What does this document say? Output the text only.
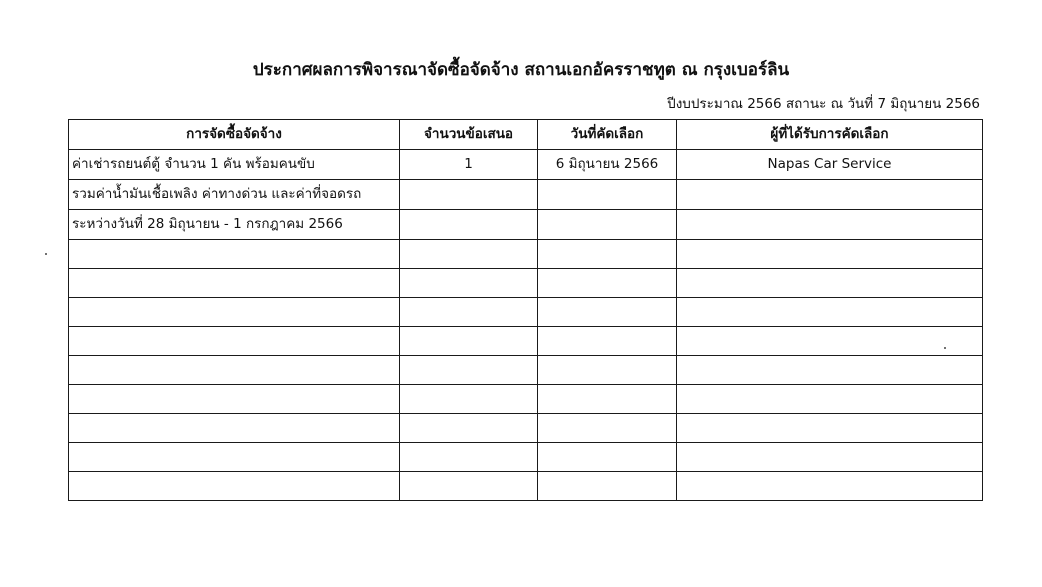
ประกาศผลการพิจารณาจัดซื้อจัดจ้าง สถานเอกอัครราชทูต ณ กรุงเบอร์ลิน
ปีงบประมาณ 2566 สถานะ ณ วันที่ 7 มิถุนายน 2566
การจัดซื้อจัดจ้าง	จำนวนข้อเสนอ	วันที่คัดเลือก	ผู้ที่ได้รับการคัดเลือก
ค่าเช่ารถยนต์ตู้ จำนวน 1 คัน พร้อมคนขับ	1	6 มิถุนายน 2566	Napas Car Service
รวมค่าน้ำมันเชื้อเพลิง ค่าทางด่วน และค่าที่จอดรถ			
ระหว่างวันที่ 28 มิถุนายน - 1 กรกฎาคม 2566			
